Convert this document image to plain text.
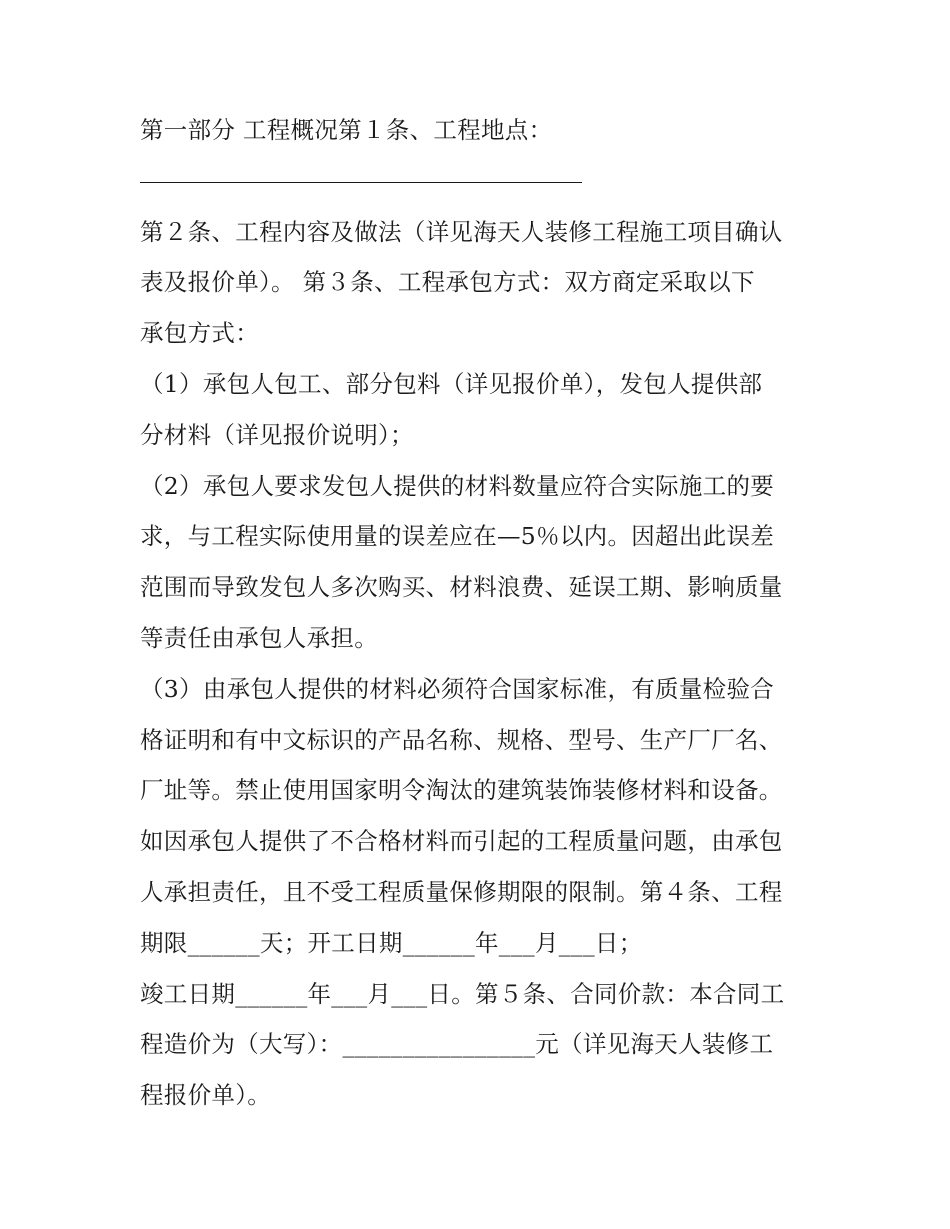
第一部分 工程概况第１条、工程地点：

第２条、工程内容及做法（详见海天人装修工程施工项目确认

表及报价单）。 第３条、工程承包方式：双方商定采取以下

承包方式：

（1）承包人包工、部分包料（详见报价单），发包人提供部

分材料（详见报价说明）；

（2）承包人要求发包人提供的材料数量应符合实际施工的要

求，与工程实际使用量的误差应在—5％以内。因超出此误差

范围而导致发包人多次购买、材料浪费、延误工期、影响质量

等责任由承包人承担。

（3）由承包人提供的材料必须符合国家标准，有质量检验合

格证明和有中文标识的产品名称、规格、型号、生产厂厂名、

厂址等。禁止使用国家明令淘汰的建筑装饰装修材料和设备。

如因承包人提供了不合格材料而引起的工程质量问题，由承包

人承担责任，且不受工程质量保修期限的限制。第４条、工程

期限______天；开工日期______年___月___日；

竣工日期______年___月___日。第５条、合同价款：本合同工

程造价为（大写）：________________元（详见海天人装修工

程报价单）。
